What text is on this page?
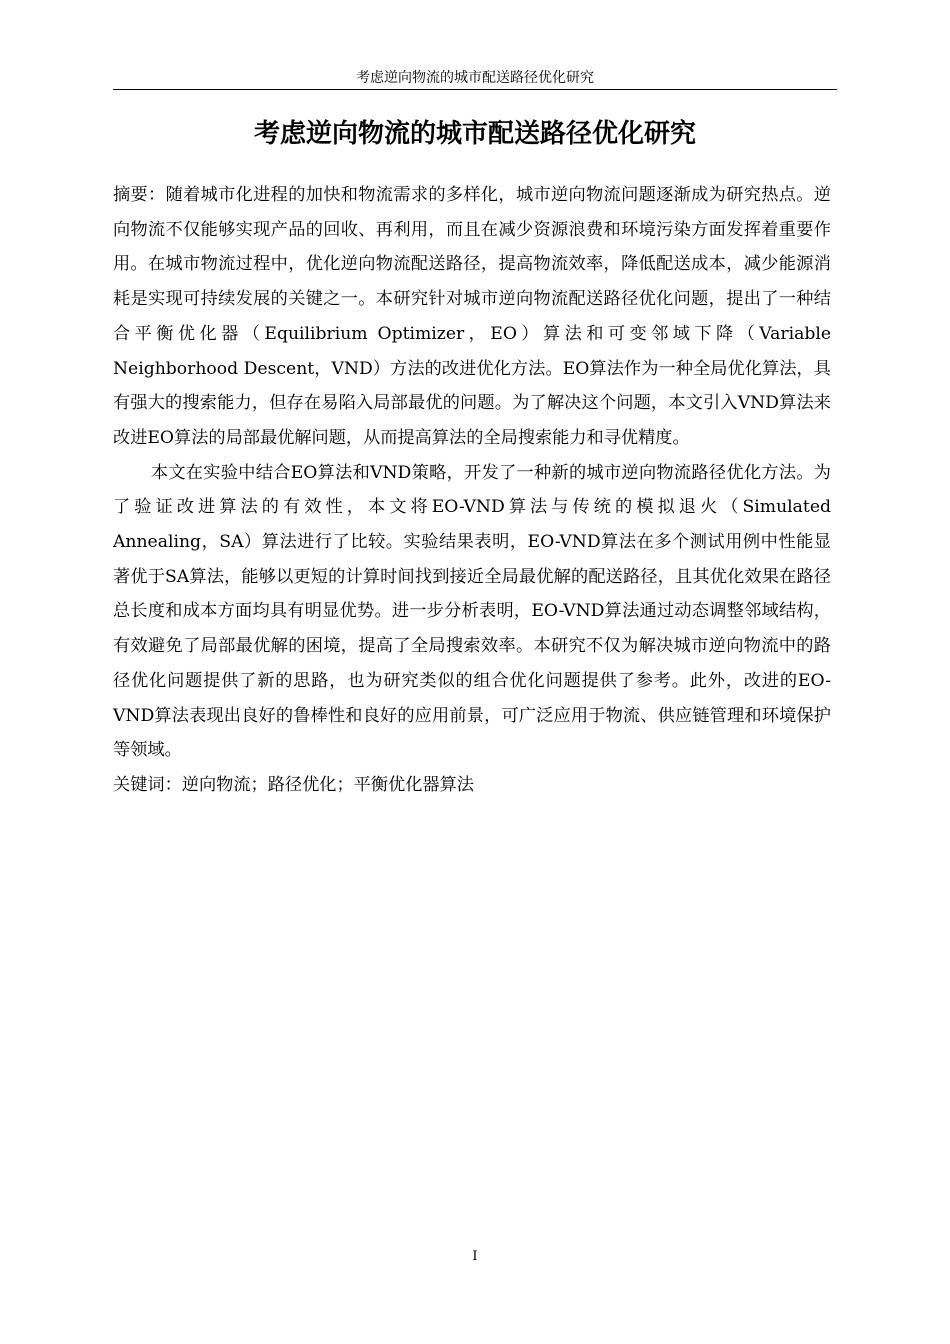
考虑逆向物流的城市配送路径优化研究
考虑逆向物流的城市配送路径优化研究

摘要：随着城市化进程的加快和物流需求的多样化，城市逆向物流问题逐渐成为研究热点。逆向物流不仅能够实现产品的回收、再利用，而且在减少资源浪费和环境污染方面发挥着重要作用。在城市物流过程中，优化逆向物流配送路径，提高物流效率，降低配送成本，减少能源消耗是实现可持续发展的关键之一。本研究针对城市逆向物流配送路径优化问题，提出了一种结合平衡优化器（Equilibrium Optimizer，EO）算法和可变邻域下降（Variable Neighborhood Descent，VND）方法的改进优化方法。EO算法作为一种全局优化算法，具有强大的搜索能力，但存在易陷入局部最优的问题。为了解决这个问题，本文引入VND算法来改进EO算法的局部最优解问题，从而提高算法的全局搜索能力和寻优精度。

本文在实验中结合EO算法和VND策略，开发了一种新的城市逆向物流路径优化方法。为了验证改进算法的有效性，本文将EO-VND算法与传统的模拟退火（Simulated Annealing，SA）算法进行了比较。实验结果表明，EO-VND算法在多个测试用例中性能显著优于SA算法，能够以更短的计算时间找到接近全局最优解的配送路径，且其优化效果在路径总长度和成本方面均具有明显优势。进一步分析表明，EO-VND算法通过动态调整邻域结构，有效避免了局部最优解的困境，提高了全局搜索效率。本研究不仅为解决城市逆向物流中的路径优化问题提供了新的思路，也为研究类似的组合优化问题提供了参考。此外，改进的EO-VND算法表现出良好的鲁棒性和良好的应用前景，可广泛应用于物流、供应链管理和环境保护等领域。

关键词：逆向物流；路径优化；平衡优化器算法

I
